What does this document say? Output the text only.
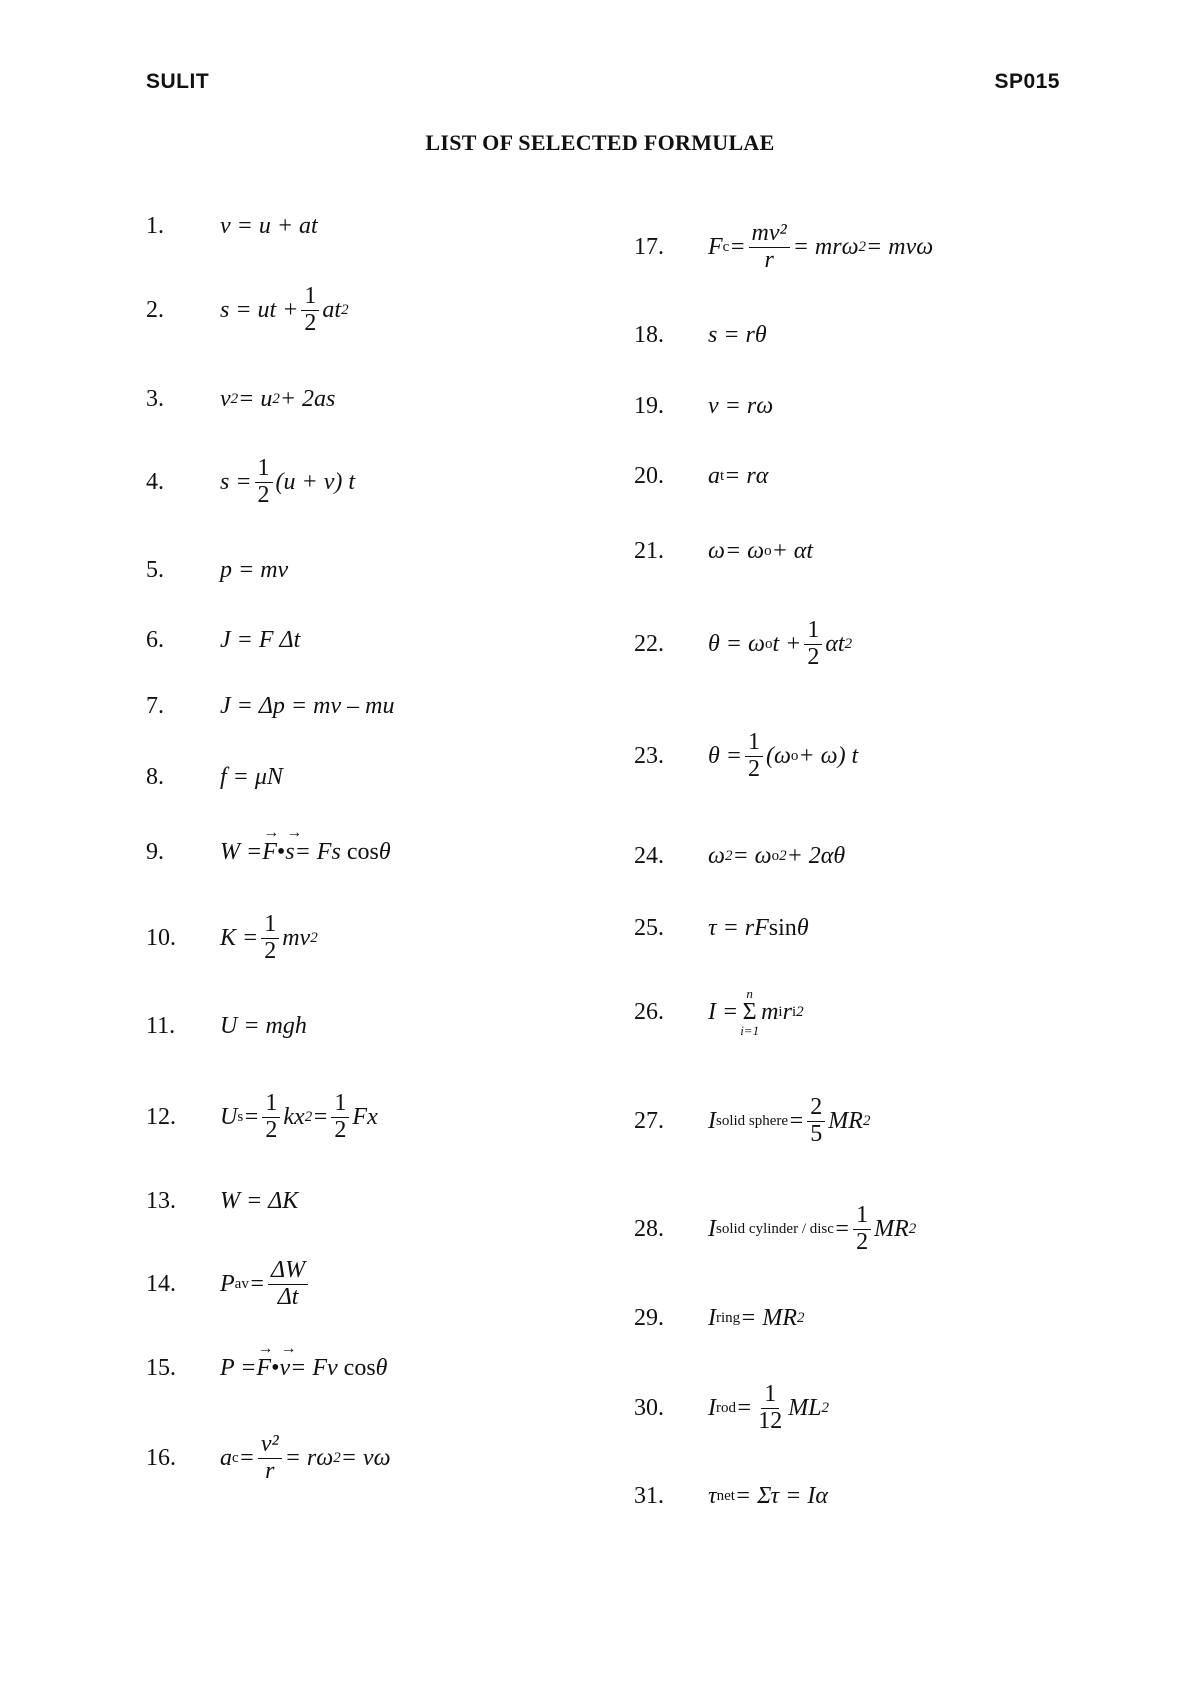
SULIT	SP015
LIST OF SELECTED FORMULAE
1.	v = u + at
2.	s = ut + $\frac{1}{2}$ at 2
3.	v 2 = u 2 + 2as
4.	$s = \frac{1}{2} (u + v)$ t
5.	p = mv
6.	J = F Δt
7.	J = Δp = mv – mu
8.	f = μN
9.	W = → F • → s = Fs
cos θ
10.	$K = \frac{1}{2}$ mv 2
11.	U = mgh
12.	U $s = \frac{1}{2}$ kx $2 = \frac{1}{2}$ Fx
13.	W = ΔK
14.	P av = $\frac{\Delta W}{\Delta t}$
15.	P = → F • → v = Fv
cos θ
16.	a $c = \frac{\text{v²}}{r} = r\omega$ 2 = vω
17.	F $c = \frac{\text{mv²}}{r} = mr\omega$ 2 = mvω
18.	s = rθ
19.	v = rω
20.	a t = rα
21.	ω= ω o + αt
22.	θ = ω o $t + \frac{1}{2}$ αt 2
23.	$\theta = \frac{1}{2} (\omega$ o + ω) t
24.	ω 2 = ω o 2 + 2αθ
25.	τ = rF sin θ
26.	I =
n
Σ
i=1
m i r i 2
27.	I solid sphere = $\frac{2}{5}$ MR 2
28.	I solid cylinder / disc = $\frac{1}{2}$ MR 2
29.	I ring = MR 2
30.	I rod = $\frac{1}{12}$ ML 2
31.	τ net = Στ = Iα
